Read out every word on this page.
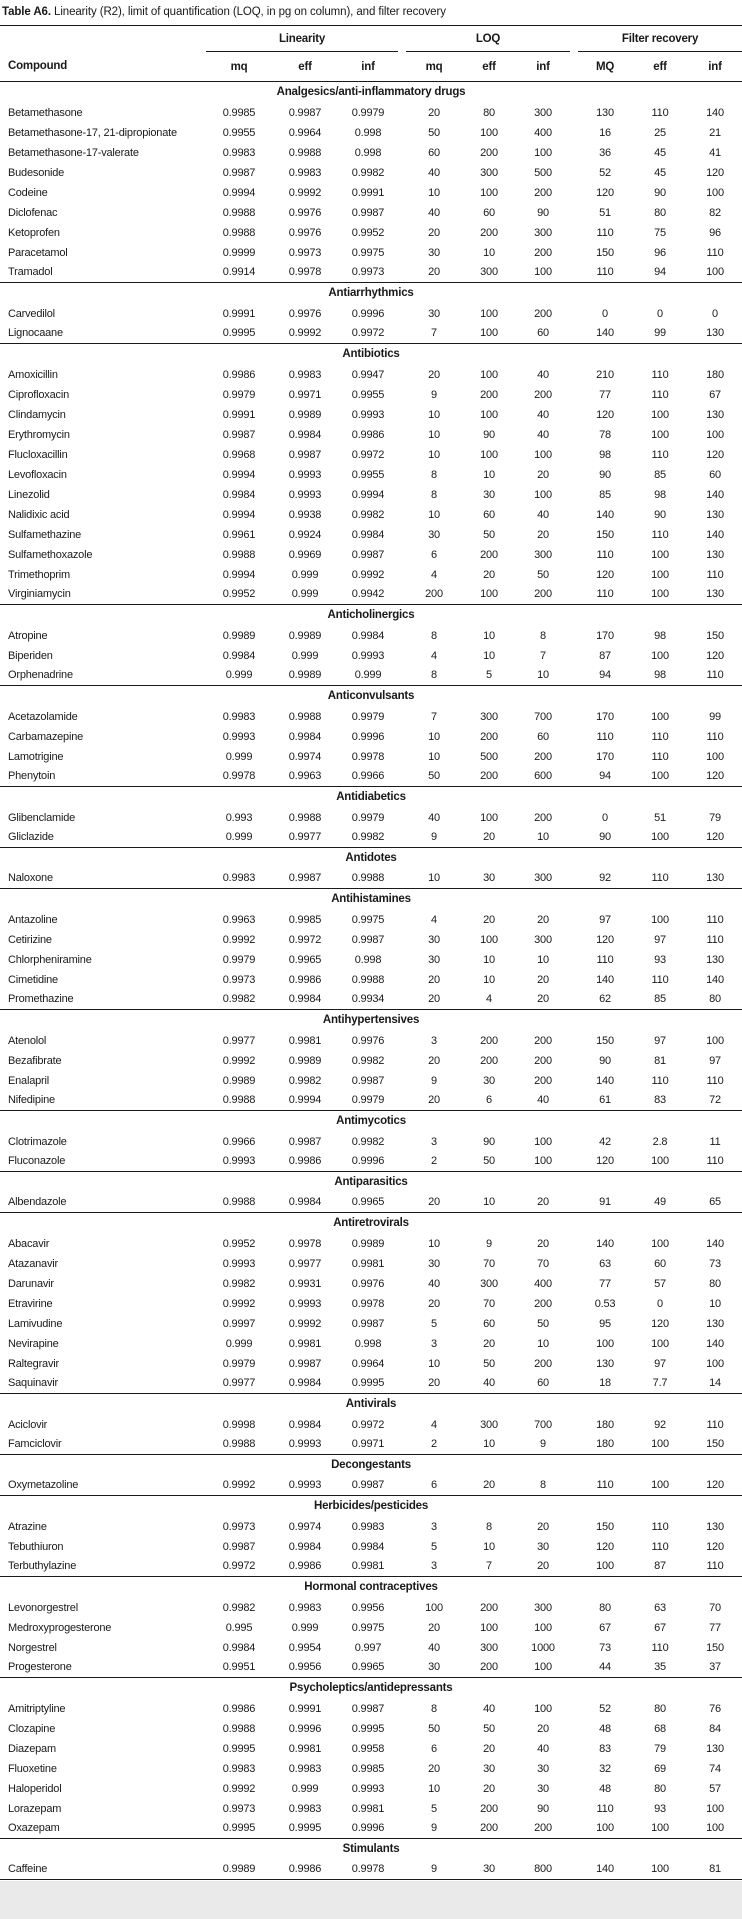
Table A6. Linearity (R2), limit of quantification (LOQ, in pg on column), and filter recovery
	Linearity				LOQ				Filter recovery		
Compound	mq	eff	inf		mq	eff	inf		MQ	eff	inf
Analgesics/anti-inflammatory drugs											
Betamethasone	0.9985	0.9987	0.9979		20	80	300		130	110	140
Betamethasone-17, 21-dipropionate	0.9955	0.9964	0.998		50	100	400		16	25	21
Betamethasone-17-valerate	0.9983	0.9988	0.998		60	200	100		36	45	41
Budesonide	0.9987	0.9983	0.9982		40	300	500		52	45	120
Codeine	0.9994	0.9992	0.9991		10	100	200		120	90	100
Diclofenac	0.9988	0.9976	0.9987		40	60	90		51	80	82
Ketoprofen	0.9988	0.9976	0.9952		20	200	300		110	75	96
Paracetamol	0.9999	0.9973	0.9975		30	10	200		150	96	110
Tramadol	0.9914	0.9978	0.9973		20	300	100		110	94	100
Antiarrhythmics											
Carvedilol	0.9991	0.9976	0.9996		30	100	200		0	0	0
Lignocaane	0.9995	0.9992	0.9972		7	100	60		140	99	130
Antibiotics											
Amoxicillin	0.9986	0.9983	0.9947		20	100	40		210	110	180
Ciprofloxacin	0.9979	0.9971	0.9955		9	200	200		77	110	67
Clindamycin	0.9991	0.9989	0.9993		10	100	40		120	100	130
Erythromycin	0.9987	0.9984	0.9986		10	90	40		78	100	100
Flucloxacillin	0.9968	0.9987	0.9972		10	100	100		98	110	120
Levofloxacin	0.9994	0.9993	0.9955		8	10	20		90	85	60
Linezolid	0.9984	0.9993	0.9994		8	30	100		85	98	140
Nalidixic acid	0.9994	0.9938	0.9982		10	60	40		140	90	130
Sulfamethazine	0.9961	0.9924	0.9984		30	50	20		150	110	140
Sulfamethoxazole	0.9988	0.9969	0.9987		6	200	300		110	100	130
Trimethoprim	0.9994	0.999	0.9992		4	20	50		120	100	110
Virginiamycin	0.9952	0.999	0.9942		200	100	200		110	100	130
Anticholinergics											
Atropine	0.9989	0.9989	0.9984		8	10	8		170	98	150
Biperiden	0.9984	0.999	0.9993		4	10	7		87	100	120
Orphenadrine	0.999	0.9989	0.999		8	5	10		94	98	110
Anticonvulsants											
Acetazolamide	0.9983	0.9988	0.9979		7	300	700		170	100	99
Carbamazepine	0.9993	0.9984	0.9996		10	200	60		110	110	110
Lamotrigine	0.999	0.9974	0.9978		10	500	200		170	110	100
Phenytoin	0.9978	0.9963	0.9966		50	200	600		94	100	120
Antidiabetics											
Glibenclamide	0.993	0.9988	0.9979		40	100	200		0	51	79
Gliclazide	0.999	0.9977	0.9982		9	20	10		90	100	120
Antidotes											
Naloxone	0.9983	0.9987	0.9988		10	30	300		92	110	130
Antihistamines											
Antazoline	0.9963	0.9985	0.9975		4	20	20		97	100	110
Cetirizine	0.9992	0.9972	0.9987		30	100	300		120	97	110
Chlorpheniramine	0.9979	0.9965	0.998		30	10	10		110	93	130
Cimetidine	0.9973	0.9986	0.9988		20	10	20		140	110	140
Promethazine	0.9982	0.9984	0.9934		20	4	20		62	85	80
Antihypertensives											
Atenolol	0.9977	0.9981	0.9976		3	200	200		150	97	100
Bezafibrate	0.9992	0.9989	0.9982		20	200	200		90	81	97
Enalapril	0.9989	0.9982	0.9987		9	30	200		140	110	110
Nifedipine	0.9988	0.9994	0.9979		20	6	40		61	83	72
Antimycotics											
Clotrimazole	0.9966	0.9987	0.9982		3	90	100		42	2.8	11
Fluconazole	0.9993	0.9986	0.9996		2	50	100		120	100	110
Antiparasitics											
Albendazole	0.9988	0.9984	0.9965		20	10	20		91	49	65
Antiretrovirals											
Abacavir	0.9952	0.9978	0.9989		10	9	20		140	100	140
Atazanavir	0.9993	0.9977	0.9981		30	70	70		63	60	73
Darunavir	0.9982	0.9931	0.9976		40	300	400		77	57	80
Etravirine	0.9992	0.9993	0.9978		20	70	200		0.53	0	10
Lamivudine	0.9997	0.9992	0.9987		5	60	50		95	120	130
Nevirapine	0.999	0.9981	0.998		3	20	10		100	100	140
Raltegravir	0.9979	0.9987	0.9964		10	50	200		130	97	100
Saquinavir	0.9977	0.9984	0.9995		20	40	60		18	7.7	14
Antivirals											
Aciclovir	0.9998	0.9984	0.9972		4	300	700		180	92	110
Famciclovir	0.9988	0.9993	0.9971		2	10	9		180	100	150
Decongestants											
Oxymetazoline	0.9992	0.9993	0.9987		6	20	8		110	100	120
Herbicides/pesticides											
Atrazine	0.9973	0.9974	0.9983		3	8	20		150	110	130
Tebuthiuron	0.9987	0.9984	0.9984		5	10	30		120	110	120
Terbuthylazine	0.9972	0.9986	0.9981		3	7	20		100	87	110
Hormonal contraceptives											
Levonorgestrel	0.9982	0.9983	0.9956		100	200	300		80	63	70
Medroxyprogesterone	0.995	0.999	0.9975		20	100	100		67	67	77
Norgestrel	0.9984	0.9954	0.997		40	300	1000		73	110	150
Progesterone	0.9951	0.9956	0.9965		30	200	100		44	35	37
Psycholeptics/antidepressants											
Amitriptyline	0.9986	0.9991	0.9987		8	40	100		52	80	76
Clozapine	0.9988	0.9996	0.9995		50	50	20		48	68	84
Diazepam	0.9995	0.9981	0.9958		6	20	40		83	79	130
Fluoxetine	0.9983	0.9983	0.9985		20	30	30		32	69	74
Haloperidol	0.9992	0.999	0.9993		10	20	30		48	80	57
Lorazepam	0.9973	0.9983	0.9981		5	200	90		110	93	100
Oxazepam	0.9995	0.9995	0.9996		9	200	200		100	100	100
Stimulants											
Caffeine	0.9989	0.9986	0.9978		9	30	800		140	100	81
